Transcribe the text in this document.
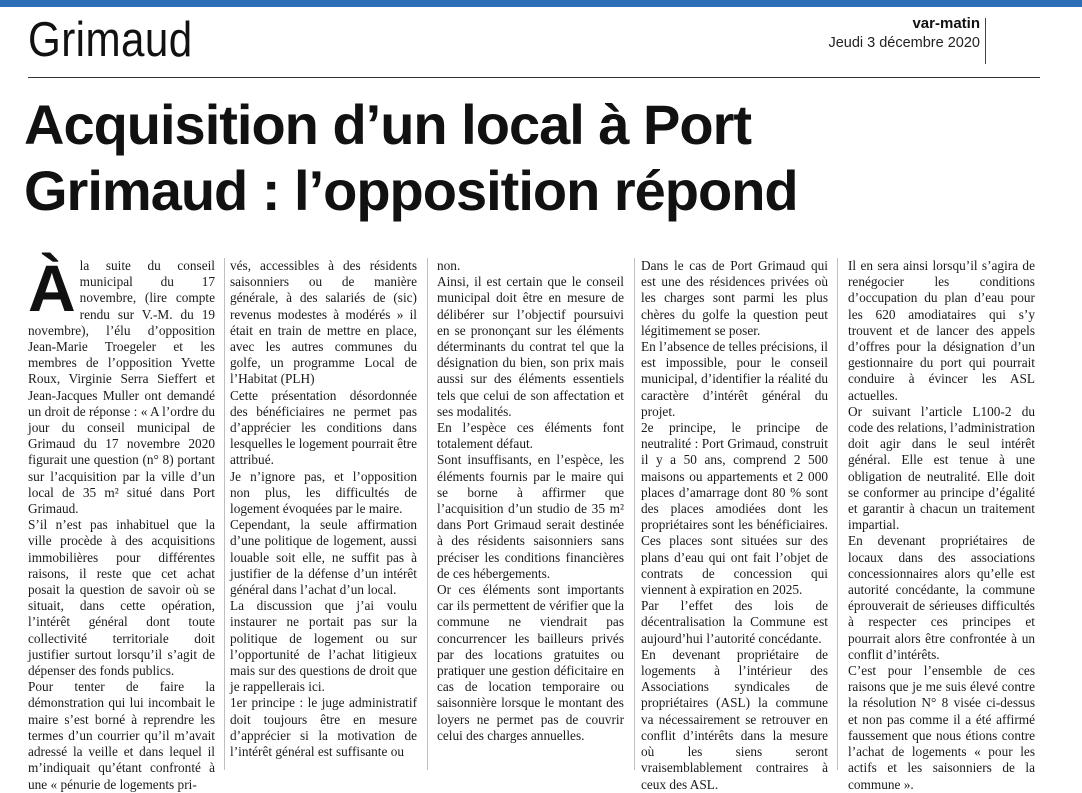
Grimaud	var-matin
Jeudi 3 décembre 2020
Acquisition d’un local à Port
Grimaud : l’opposition répond
À la suite du conseil municipal du 17 novembre, (lire compte rendu sur V.-M. du 19 novembre), l’élu d’opposition Jean-Marie Troegeler et les membres de l’opposition Yvette Roux, Virginie Serra Sieffert et Jean-Jacques Muller ont demandé un droit de réponse : « A l’ordre du jour du conseil municipal de Grimaud du 17 novembre 2020 figurait une question (n° 8) portant sur l’acquisition par la ville d’un local de 35 m² situé dans Port Grimaud.

S’il n’est pas inhabituel que la ville procède à des acquisitions immobilières pour différentes raisons, il reste que cet achat posait la question de savoir où se situait, dans cette opération, l’intérêt général dont toute collectivité territoriale doit justifier surtout lorsqu’il s’agit de dépenser des fonds publics.

Pour tenter de faire la démonstration qui lui incombait le maire s’est borné à reprendre les termes d’un courrier qu’il m’avait adressé la veille et dans lequel il m’indiquait qu’étant confronté à une « pénurie de logements pri-

vés, accessibles à des résidents saisonniers ou de manière générale, à des salariés de (sic) revenus modestes à modérés » il était en train de mettre en place, avec les autres communes du golfe, un programme Local de l’Habitat (PLH)

Cette présentation désordonnée des bénéficiaires ne permet pas d’apprécier les conditions dans lesquelles le logement pourrait être attribué.

Je n’ignore pas, et l’opposition non plus, les difficultés de logement évoquées par le maire.

Cependant, la seule affirmation d’une politique de logement, aussi louable soit elle, ne suffit pas à justifier de la défense d’un intérêt général dans l’achat d’un local.

La discussion que j’ai voulu instaurer ne portait pas sur la politique de logement ou sur l’opportunité de l’achat litigieux mais sur des questions de droit que je rappellerais ici.

1er principe : le juge administratif doit toujours être en mesure d’apprécier si la motivation de l’intérêt général est suffisante ou

non.

Ainsi, il est certain que le conseil municipal doit être en mesure de délibérer sur l’objectif poursuivi en se prononçant sur les éléments déterminants du contrat tel que la désignation du bien, son prix mais aussi sur des éléments essentiels tels que celui de son affectation et ses modalités.

En l’espèce ces éléments font totalement défaut.

Sont insuffisants, en l’espèce, les éléments fournis par le maire qui se borne à affirmer que l’acquisition d’un studio de 35 m² dans Port Grimaud serait destinée à des résidents saisonniers sans préciser les conditions financières de ces hébergements.

Or ces éléments sont importants car ils permettent de vérifier que la commune ne viendrait pas concurrencer les bailleurs privés par des locations gratuites ou pratiquer une gestion déficitaire en cas de location temporaire ou saisonnière lorsque le montant des loyers ne permet pas de couvrir celui des charges annuelles.

Dans le cas de Port Grimaud qui est une des résidences privées où les charges sont parmi les plus chères du golfe la question peut légitimement se poser.

En l’absence de telles précisions, il est impossible, pour le conseil municipal, d’identifier la réalité du caractère d’intérêt général du projet.

2e principe, le principe de neutralité : Port Grimaud, construit il y a 50 ans, comprend 2 500 maisons ou appartements et 2 000 places d’amarrage dont 80 % sont des places amodiées dont les propriétaires sont les bénéficiaires. Ces places sont situées sur des plans d’eau qui ont fait l’objet de contrats de concession qui viennent à expiration en 2025.

Par l’effet des lois de décentralisation la Commune est aujourd’hui l’autorité concédante.

En devenant propriétaire de logements à l’intérieur des Associations syndicales de propriétaires (ASL) la commune va nécessairement se retrouver en conflit d’intérêts dans la mesure où les siens seront vraisemblablement contraires à ceux des ASL.

Il en sera ainsi lorsqu’il s’agira de renégocier les conditions d’occupation du plan d’eau pour les 620 amodiataires qui s’y trouvent et de lancer des appels d’offres pour la désignation d’un gestionnaire du port qui pourrait conduire à évincer les ASL actuelles.

Or suivant l’article L100-2 du code des relations, l’administration doit agir dans le seul intérêt général. Elle est tenue à une obligation de neutralité. Elle doit se conformer au principe d’égalité et garantir à chacun un traitement impartial.

En devenant propriétaires de locaux dans des associations concessionnaires alors qu’elle est autorité concédante, la commune éprouverait de sérieuses difficultés à respecter ces principes et pourrait alors être confrontée à un conflit d’intérêts.

C’est pour l’ensemble de ces raisons que je me suis élevé contre la résolution N° 8 visée ci-dessus et non pas comme il a été affirmé faussement que nous étions contre l’achat de logements « pour les actifs et les saisonniers de la commune ».
